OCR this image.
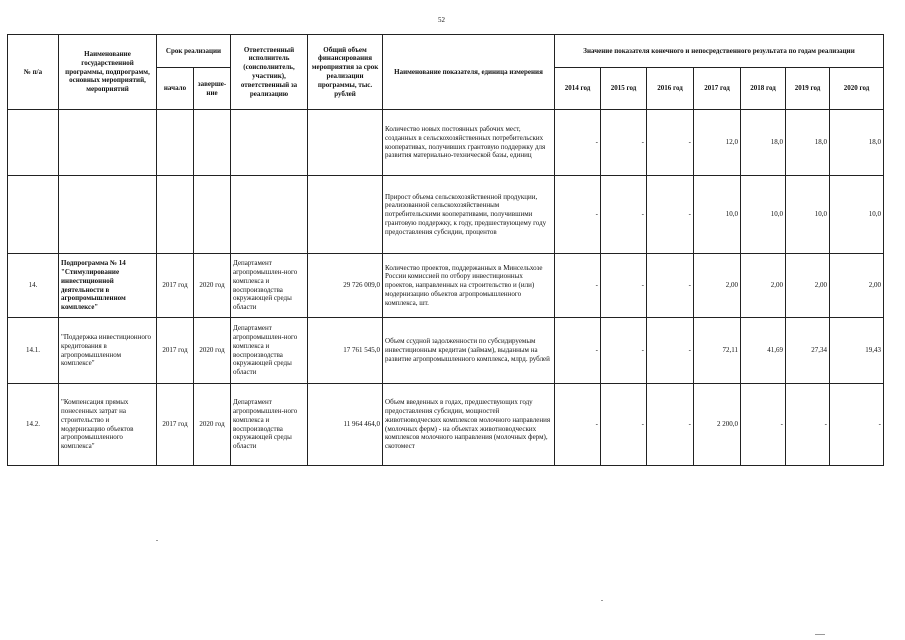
52
№ п/а	Наименование государственной программы, подпрограмм, основных мероприятий, мероприятий	Срок реализации		Ответственный исполнитель (соисполнитель, участник), ответственный за реализацию	Общий объем финансирования мероприятия за срок реализации программы, тыс. рублей	Наименование показателя, единица измерения	Значение показателя конечного и непосредственного результата по годам реализации						
		начало	заверше-ние				2014 год	2015 год	2016 год	2017 год	2018 год	2019 год	2020 год
						Количество новых постоянных рабочих мест, созданных в сельскохозяйственных потребительских кооперативах, получивших грантовую поддержку для развития материально-технической базы, единиц	-	-	-	12,0	18,0	18,0	18,0
						Прирост объема сельскохозяйственной продукции, реализованной сельскохозяйственным потребительскими кооперативами, получившими грантовую поддержку, к году, предшествующему году предоставления субсидии, процентов	-	-	-	10,0	10,0	10,0	10,0
14.	Подпрограмма № 14 "Стимулирование инвестиционной деятельности в агропромышленном комплексе"	2017 год	2020 год	Департамент агропромышлен-ного комплекса и воспроизводства окружающей среды области	29 726 009,0	Количество проектов, поддержанных в Минсельхозе России комиссией по отбору инвестиционных проектов, направленных на строительство и (или) модернизацию объектов агропромышленного комплекса, шт.	-	-	-	2,00	2,00	2,00	2,00
14.1.	"Поддержка инвестиционного кредитования в агропромышленном комплексе"	2017 год	2020 год	Департамент агропромышлен-ного комплекса и воспроизводства окружающей среды области	17 761 545,0	Объем ссудной задолженности по субсидируемым инвестиционным кредитам (займам), выданным на развитие агропромышленного комплекса, млрд. рублей	-	-	-	72,11	41,69	27,34	19,43
14.2.	"Компенсация прямых понесенных затрат на строительство и модернизацию объектов агропромышленного комплекса"	2017 год	2020 год	Департамент агропромышлен-ного комплекса и воспроизводства окружающей среды области	11 964 464,0	Объем введенных в годах, предшествующих году предоставления субсидии, мощностей животноводческих комплексов молочного направления (молочных ферм) - на объектах животноводческих комплексов молочного направления (молочных ферм), скотомест	-	-	-	2 200,0	-	-	-
